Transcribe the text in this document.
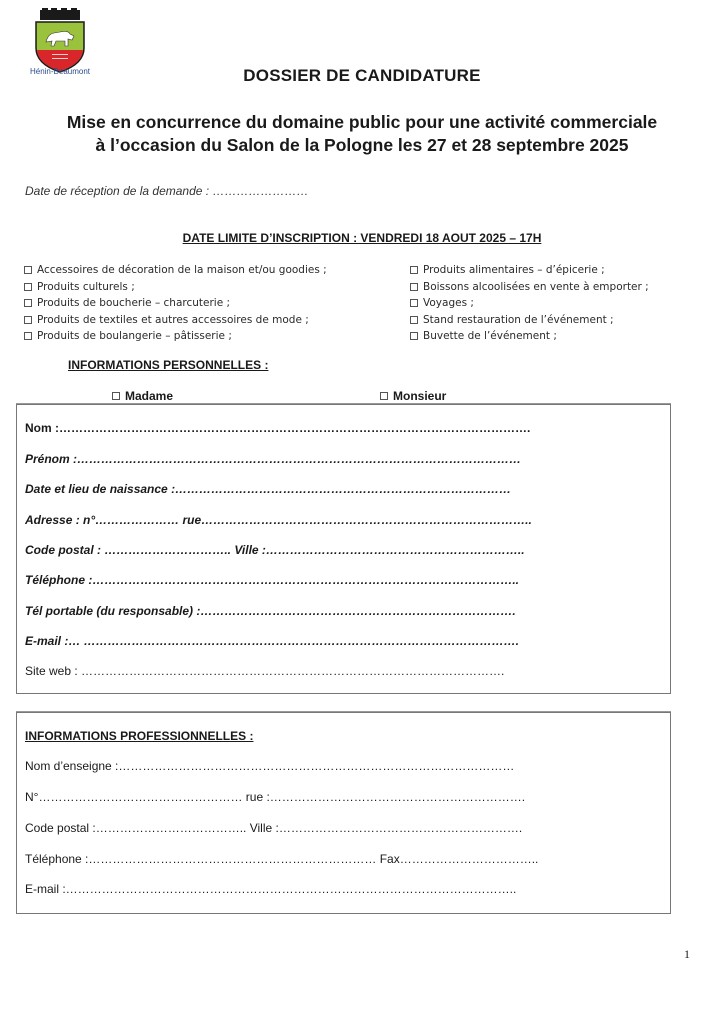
Hénin-Beaumont	DOSSIER DE CANDIDATURE
Mise en concurrence du domaine public pour une activité commerciale
à l’occasion du Salon de la Pologne les 27 et 28 septembre 2025
Date de réception de la demande : ……………………
DATE LIMITE D’INSCRIPTION : VENDREDI 18 AOUT 2025 – 17H
Accessoires de décoration de la maison et/ou goodies ;
Produits culturels ;
Produits de boucherie – charcuterie ;
Produits de textiles et autres accessoires de mode ;
Produits de boulangerie – pâtisserie ;
Produits alimentaires – d’épicerie ;
Boissons alcoolisées en vente à emporter ;
Voyages ;
Stand restauration de l’événement ;
Buvette de l’événement ;
INFORMATIONS PERSONNELLES :
Madame	Monsieur
Nom :……………………………………………………………………………………………………….
Prénom :…………………………………………………………………………………………………
Date et lieu de naissance :…………………………………………………………………………
Adresse : n°………………… rue………………………………………………………………………..
Code postal : ………………………….. Ville :………………………………………………………..
Téléphone :……………………………………………………………………………………………..
Tél portable (du responsable) :…………………………………………………………………….
E-mail :… ……………………………………………………………………………………………….
Site web : …………………………………………………………………………………………….
INFORMATIONS PROFESSIONNELLES :
Nom d’enseigne :………………………………………………………………………………………
N°…………………………………………… rue :……………………………………………………….
Code postal :……………………………….. Ville :…………………………………………………….
Téléphone :……………………………………………………………… Fax……………………………..
E-mail :…………………………………………………………………………………………………..
1
